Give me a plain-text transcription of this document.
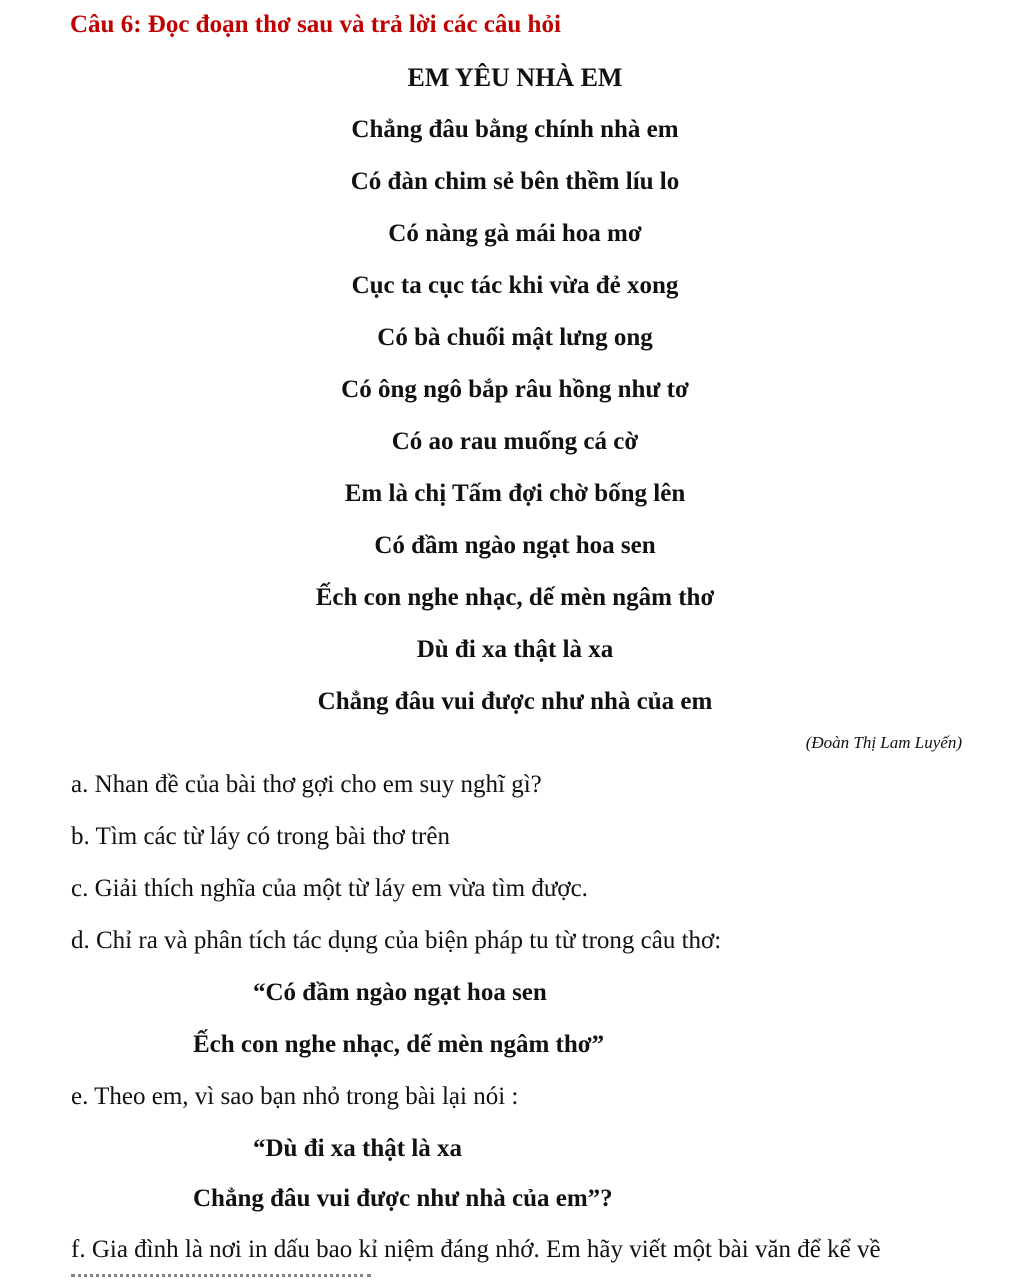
Câu 6: Đọc đoạn thơ sau và trả lời các câu hỏi
EM YÊU NHÀ EM
Chẳng đâu bằng chính nhà em
Có đàn chim sẻ bên thềm líu lo
Có nàng gà mái hoa mơ
Cục ta cục tác khi vừa đẻ xong
Có bà chuối mật lưng ong
Có ông ngô bắp râu hồng như tơ
Có ao rau muống cá cờ
Em là chị Tấm đợi chờ bống lên
Có đầm ngào ngạt hoa sen
Ếch con nghe nhạc, dế mèn ngâm thơ
Dù đi xa thật là xa
Chẳng đâu vui được như nhà của em
(Đoàn Thị Lam Luyến)
a. Nhan đề của bài thơ gợi cho em suy nghĩ gì?
b. Tìm các từ láy có trong bài thơ trên
c. Giải thích nghĩa của một từ láy em vừa tìm được.
d. Chỉ ra và phân tích tác dụng của biện pháp tu từ trong câu thơ:
“Có đầm ngào ngạt hoa sen
Ếch con nghe nhạc, dế mèn ngâm thơ”
e. Theo em, vì sao bạn nhỏ trong bài lại nói :
“Dù đi xa thật là xa
Chẳng đâu vui được như nhà của em”?
f. Gia đình là nơi in dấu bao kỉ niệm đáng nhớ. Em hãy viết một bài văn để kể về
